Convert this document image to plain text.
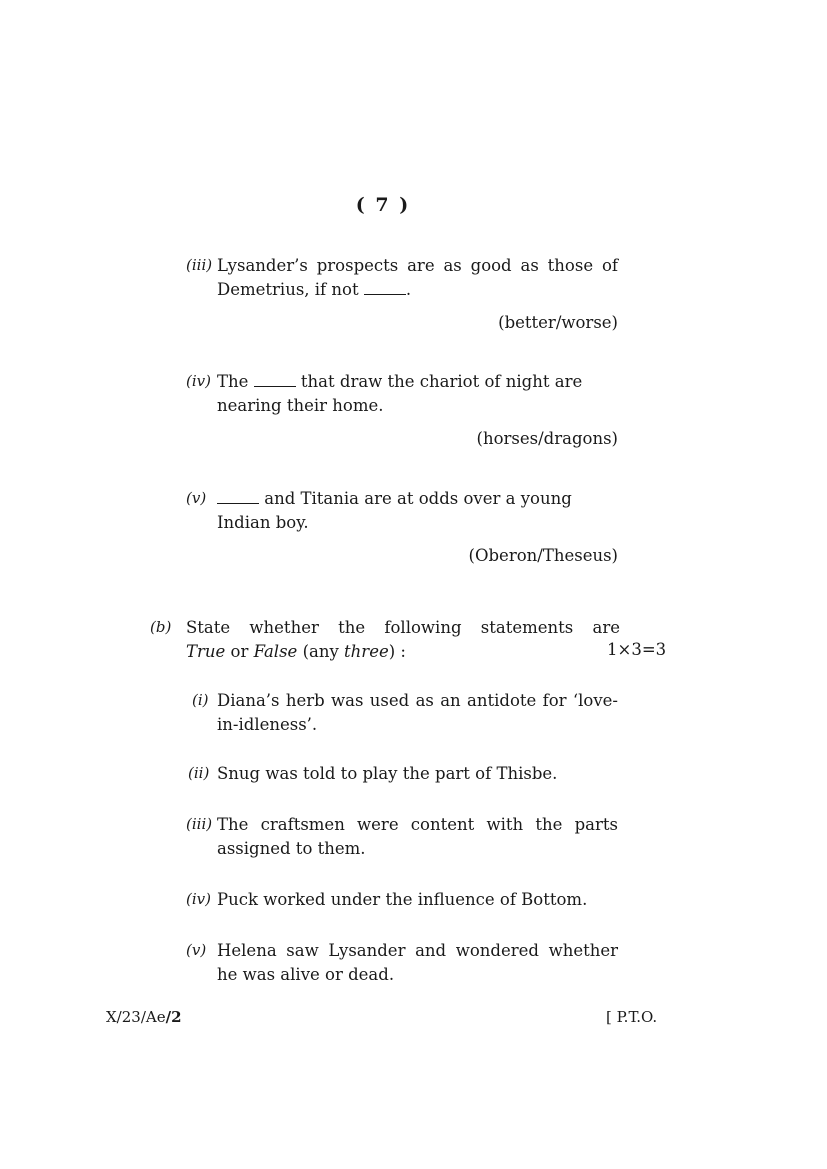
( 7 )
(iii) Lysander’s prospects are as good as those of Demetrius, if not	.
(better/worse)
(iv) The	that draw the chariot of night are nearing their home.
(horses/dragons)
(v)	and Titania are at odds over a young Indian boy.
(Oberon/Theseus)
(b) State whether the following statements are
True or False (any three) :	1×3=3
(i) Diana’s herb was used as an antidote for ‘love-in-idleness’.
(ii) Snug was told to play the part of Thisbe.
(iii) The craftsmen were content with the parts assigned to them.
(iv) Puck worked under the influence of Bottom.
(v) Helena saw Lysander and wondered whether he was alive or dead.
X/23/Ae/2	[ P.T.O.
